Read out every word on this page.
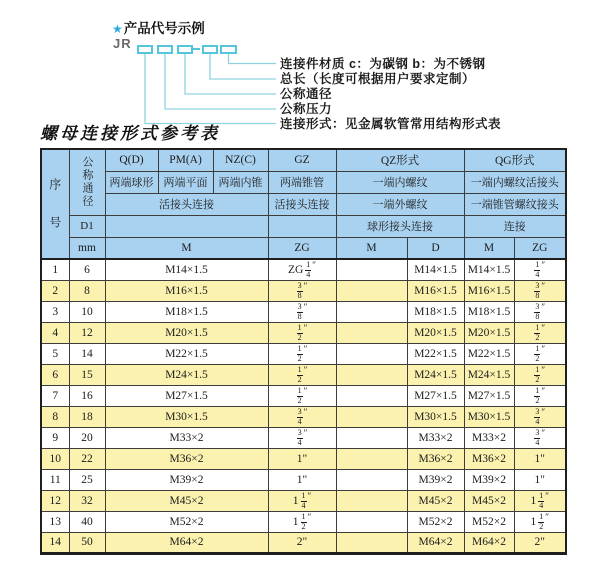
★产品代号示例
JR
连接件材质 c：为碳钢 b：为不锈钢
总长（长度可根据用户要求定制）
公称通径
公称压力
连接形式：见金属软管常用结构形式表
螺母连接形式参考表
序号	公称通径	Q(D)	PM(A)	NZ(C)	GZ	QZ形式		QG形式	
		两端球形	两端平面	两端内锥	两端锥管	一端内螺纹		一端内螺纹活接头	
		活接头连接			活接头连接	一端外螺纹		一端锥管螺纹接头	
	D1					球形接头连接		连接	
	mm	M			ZG	M	D	M	ZG
1	6	M14×1.5			ZG $\frac{1}{4} ''$		M14×1.5	M14×1.5	$\frac{1}{4} ''$
2	8	M16×1.5			$\frac{3}{8} ''$		M16×1.5	M16×1.5	$\frac{3}{8} ''$
3	10	M18×1.5			$\frac{3}{8} ''$		M18×1.5	M18×1.5	$\frac{3}{8} ''$
4	12	M20×1.5			$\frac{1}{2} ''$		M20×1.5	M20×1.5	$\frac{1}{2} ''$
5	14	M22×1.5			$\frac{1}{2} ''$		M22×1.5	M22×1.5	$\frac{1}{2} ''$
6	15	M24×1.5			$\frac{1}{2} ''$		M24×1.5	M24×1.5	$\frac{1}{2} ''$
7	16	M27×1.5			$\frac{1}{2} ''$		M27×1.5	M27×1.5	$\frac{1}{2} ''$
8	18	M30×1.5			$\frac{3}{4} ''$		M30×1.5	M30×1.5	$\frac{3}{4} ''$
9	20	M33×2			$\frac{3}{4} ''$		M33×2	M33×2	$\frac{3}{4} ''$
10	22	M36×2			1"		M36×2	M36×2	1"
11	25	M39×2			1"		M39×2	M39×2	1"
12	32	M45×2			$1 \frac{1}{4} ''$		M45×2	M45×2	$1 \frac{1}{4} ''$
13	40	M52×2			$1 \frac{1}{2} ''$		M52×2	M52×2	$1 \frac{1}{2} ''$
14	50	M64×2			2"		M64×2	M64×2	2"
